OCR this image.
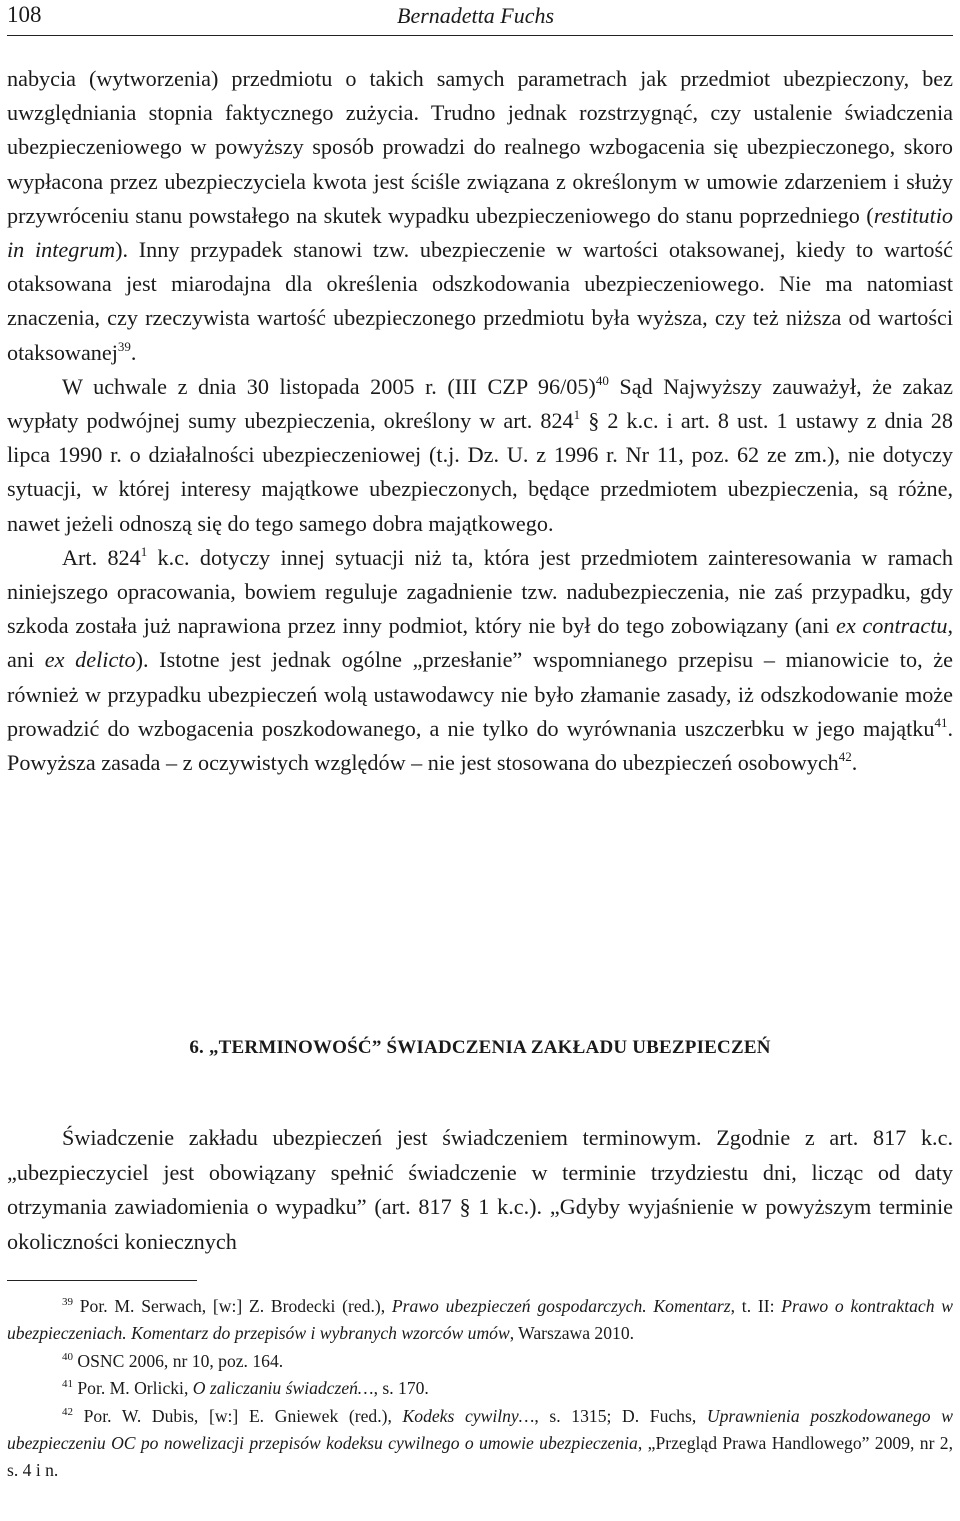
108	Bernadetta Fuchs

nabycia (wytworzenia) przedmiotu o takich samych parametrach jak przedmiot ubezpieczony, bez uwzględniania stopnia faktycznego zużycia. Trudno jednak rozstrzygnąć, czy ustalenie świadczenia ubezpieczeniowego w powyższy sposób prowadzi do realnego wzbogacenia się ubezpieczonego, skoro wypłacona przez ubezpieczyciela kwota jest ściśle związana z określonym w umowie zdarzeniem i służy przywróceniu stanu powstałego na skutek wypadku ubezpieczeniowego do stanu poprzedniego (restitutio in integrum). Inny przypadek stanowi tzw. ubezpieczenie w wartości otaksowanej, kiedy to wartość otaksowana jest miarodajna dla określenia odszkodowania ubezpieczeniowego. Nie ma natomiast znaczenia, czy rzeczywista wartość ubezpieczonego przedmiotu była wyższa, czy też niższa od wartości otaksowanej$^{39}$.

W uchwale z dnia 30 listopada 2005 r. (III CZP 96/05)$^{40}$ Sąd Najwyższy zauważył, że zakaz wypłaty podwójnej sumy ubezpieczenia, określony w art. $824^1$ § 2 k.c. i art. 8 ust. 1 ustawy z dnia 28 lipca 1990 r. o działalności ubezpieczeniowej (t.j. Dz. U. z 1996 r. Nr 11, poz. 62 ze zm.), nie dotyczy sytuacji, w której interesy majątkowe ubezpieczonych, będące przedmiotem ubezpieczenia, są różne, nawet jeżeli odnoszą się do tego samego dobra majątkowego.

Art. $824^1$ k.c. dotyczy innej sytuacji niż ta, która jest przedmiotem zainteresowania w ramach niniejszego opracowania, bowiem reguluje zagadnienie tzw. nadubezpieczenia, nie zaś przypadku, gdy szkoda została już naprawiona przez inny podmiot, który nie był do tego zobowiązany (ani ex contractu, ani ex delicto). Istotne jest jednak ogólne „przesłanie” wspomnianego przepisu – mianowicie to, że również w przypadku ubezpieczeń wolą ustawodawcy nie było złamanie zasady, iż odszkodowanie może prowadzić do wzbogacenia poszkodowanego, a nie tylko do wyrównania uszczerbku w jego majątku$^{41}$. Powyższa zasada – z oczywistych względów – nie jest stosowana do ubezpieczeń osobowych$^{42}$.

6. „TERMINOWOŚĆ” ŚWIADCZENIA ZAKŁADU UBEZPIECZEŃ

Świadczenie zakładu ubezpieczeń jest świadczeniem terminowym. Zgodnie z art. 817 k.c. „ubezpieczyciel jest obowiązany spełnić świadczenie w terminie trzydziestu dni, licząc od daty otrzymania zawiadomienia o wypadku” (art. 817 § 1 k.c.). „Gdyby wyjaśnienie w powyższym terminie okoliczności koniecznych

$^{39}$ Por. M. Serwach, [w:] Z. Brodecki (red.), Prawo ubezpieczeń gospodarczych. Komentarz, t. II: Prawo o kontraktach w ubezpieczeniach. Komentarz do przepisów i wybranych wzorców umów, Warszawa 2010.

$^{40}$ OSNC 2006, nr 10, poz. 164.

$^{41}$ Por. M. Orlicki, O zaliczaniu świadczeń…, s. 170.

$^{42}$ Por. W. Dubis, [w:] E. Gniewek (red.), Kodeks cywilny…, s. 1315; D. Fuchs, Uprawnienia poszkodowanego w ubezpieczeniu OC po nowelizacji przepisów kodeksu cywilnego o umowie ubezpieczenia, „Przegląd Prawa Handlowego” 2009, nr 2, s. 4 i n.
